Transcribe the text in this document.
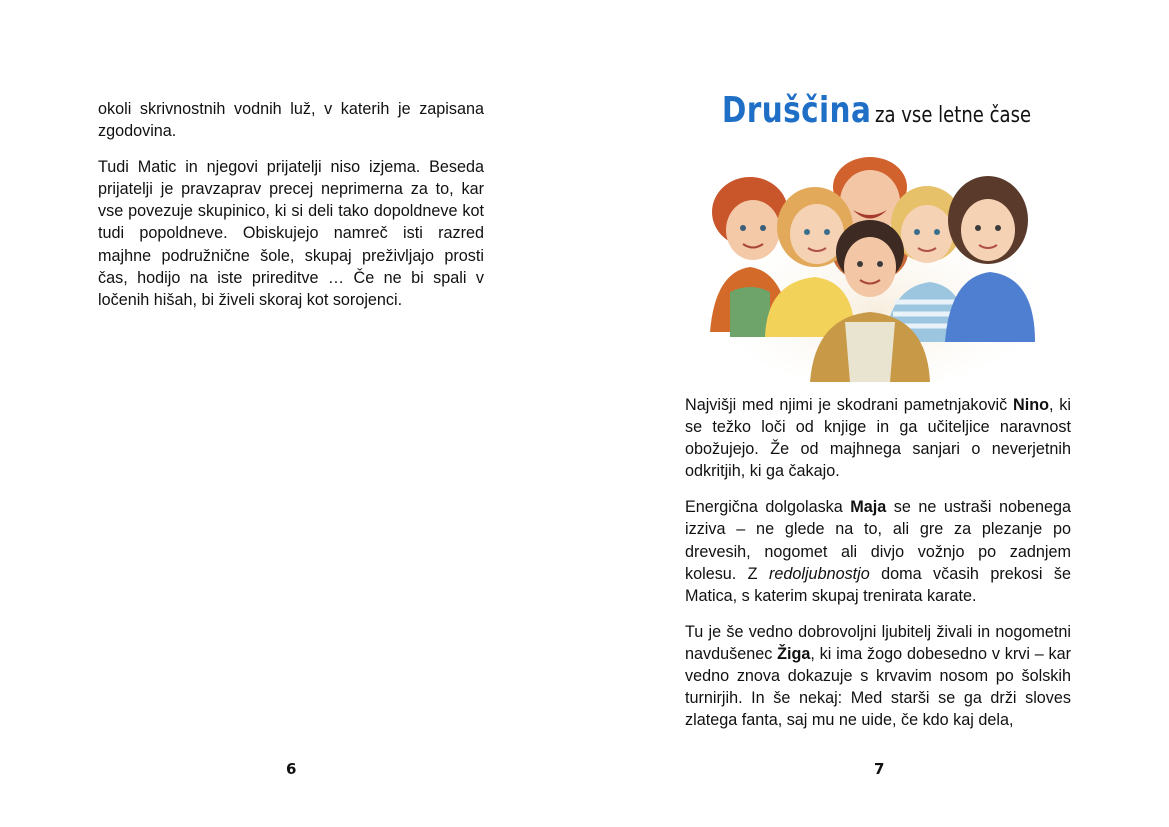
okoli skrivnostnih vodnih luž, v katerih je zapisana zgodovina.

Tudi Matic in njegovi prijatelji niso izjema. Beseda prijatelji je pravzaprav precej neprimerna za to, kar vse povezuje skupinico, ki si deli tako dopoldneve kot tudi popoldneve. Obiskujejo namreč isti razred majhne podružnične šole, skupaj preživljajo prosti čas, hodijo na iste prireditve … Če ne bi spali v ločenih hišah, bi živeli skoraj kot sorojenci.

6
Druščina za vse letne čase

Najvišji med njimi je skodrani pametnjakovič Nino, ki se težko loči od knjige in ga učiteljice naravnost obožujejo. Že od majhnega sanjari o neverjetnih odkritjih, ki ga čakajo.

Energična dolgolaska Maja se ne ustraši nobenega izziva – ne glede na to, ali gre za plezanje po drevesih, nogomet ali divjo vožnjo po zadnjem kolesu. Z redoljubnostjo doma včasih prekosi še Matica, s katerim skupaj trenirata karate.

Tu je še vedno dobrovoljni ljubitelj živali in nogometni navdušenec Žiga, ki ima žogo dobesedno v krvi – kar vedno znova dokazuje s krvavim nosom po šolskih turnirjih. In še nekaj: Med starši se ga drži sloves zlatega fanta, saj mu ne uide, če kdo kaj dela,

7
